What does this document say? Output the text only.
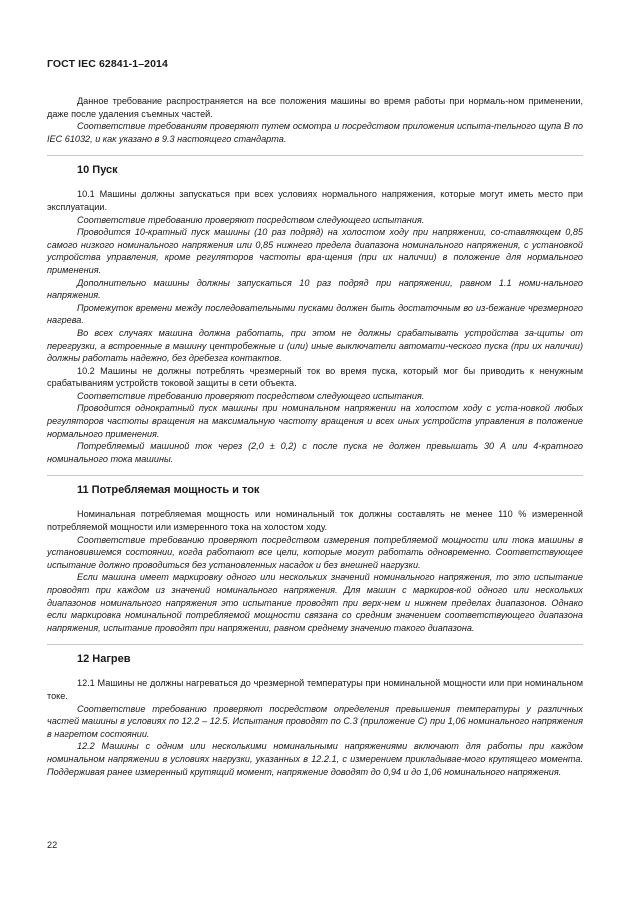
ГОСТ IEC 62841-1–2014

Данное требование распространяется на все положения машины во время работы при нормаль-ном применении, даже после удаления съемных частей.

Соответствие требованиям проверяют путем осмотра и посредством приложения испыта-тельного щупа B по IEC 61032, и как указано в 9.3 настоящего стандарта.

10 Пуск

10.1 Машины должны запускаться при всех условиях нормального напряжения, которые могут иметь место при эксплуатации.

Соответствие требованию проверяют посредством следующего испытания.

Проводится 10-кратный пуск машины (10 раз подряд) на холостом ходу при напряжении, со-ставляющем 0,85 самого низкого номинального напряжения или 0,85 нижнего предела диапазона номинального напряжения, с установкой устройства управления, кроме регуляторов частоты вра-щения (при их наличии) в положение для нормального применения.

Дополнительно машины должны запускаться 10 раз подряд при напряжении, равном 1.1 номи-нального напряжения.

Промежуток времени между последовательными пусками должен быть достаточным во из-бежание чрезмерного нагрева.

Во всех случаях машина должна работать, при этом не должны срабатывать устройства за-щиты от перегрузки, а встроенные в машину центробежные и (или) иные выключатели автомати-ческого пуска (при их наличии) должны работать надежно, без дребезга контактов.

10.2 Машины не должны потреблять чрезмерный ток во время пуска, который мог бы приводить к ненужным срабатываниям устройств токовой защиты в сети объекта.

Соответствие требованию проверяют посредством следующего испытания.

Проводится однократный пуск машины при номинальном напряжении на холостом ходу с уста-новкой любых регуляторов частоты вращения на максимальную частоту вращения и всех иных устройств управления в положение нормального применения.

Потребляемый машиной ток через (2,0 ± 0,2) с после пуска не должен превышать 30 А или 4-кратного номинального тока машины.

11 Потребляемая мощность и ток

Номинальная потребляемая мощность или номинальный ток должны составлять не менее 110 % измеренной потребляемой мощности или измеренного тока на холостом ходу.

Соответствие требованию проверяют посредством измерения потребляемой мощности или тока машины в установившемся состоянии, когда работают все цели, которые могут работать одновременно. Соответствующее испытание должно проводиться без установленных насадок и без внешней нагрузки.

Если машина имеет маркировку одного или нескольких значений номинального напряжения, то это испытание проводят при каждом из значений номинального напряжения. Для машин с маркиров-кой одного или нескольких диапазонов номинального напряжения это испытание проводят при верх-нем и нижнем пределах диапазонов. Однако если маркировка номинальной потребляемой мощности связана со средним значением соответствующего диапазона напряжения, испытание проводят при напряжении, равном среднему значению такого диапазона.

12 Нагрев

12.1 Машины не должны нагреваться до чрезмерной температуры при номинальной мощности или при номинальном токе.

Соответствие требованию проверяют посредством определения превышения температуры у различных частей машины в условиях по 12.2 – 12.5. Испытания проводят по С.3 (приложение С) при 1,06 номинального напряжения в нагретом состоянии.

12.2 Машины с одним или несколькими номинальными напряжениями включают для работы при каждом номинальном напряжении в условиях нагрузки, указанных в 12.2.1, с измерением прикладывае-мого крутящего момента. Поддерживая ранее измеренный крутящий момент, напряжение доводят до 0,94 и до 1,06 номинального напряжения.

22
